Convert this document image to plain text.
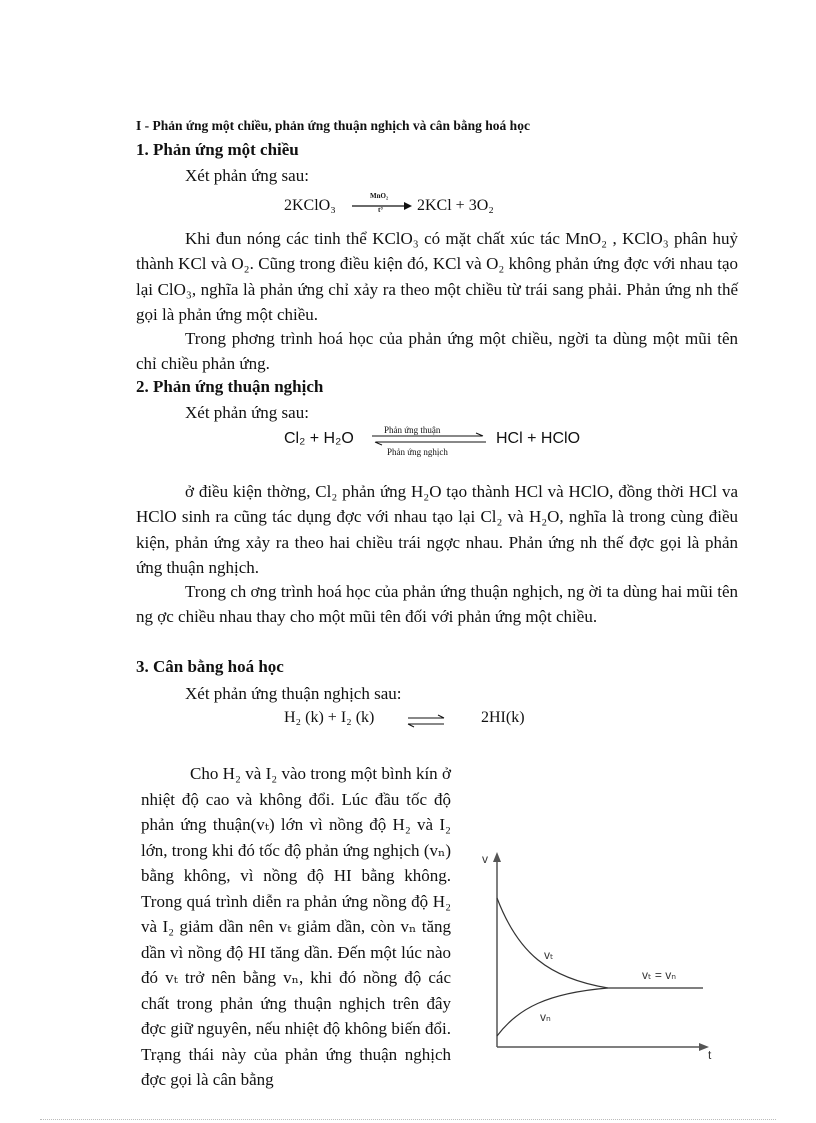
I - Phản ứng một chiều, phản ứng thuận nghịch và cân bằng hoá học
1. Phản ứng một chiều
Xét phản ứng sau:
2KClO₃
MnO₂
t° 2KCl + 3O₂
Khi đun nóng các tinh thể KClO₃ có mặt chất xúc tác MnO₂ , KClO₃ phân huỷ thành KCl và O₂. Cũng trong điều kiện đó, KCl và O₂ không phản ứng đợc với nhau tạo lại ClO₃, nghĩa là phản ứng chỉ xảy ra theo một chiều từ trái sang phải. Phản ứng nh thế gọi là phản ứng một chiều.
Trong phơng trình hoá học của phản ứng một chiều, ngời ta dùng một mũi tên chỉ chiều phản ứng.
2. Phản ứng thuận nghịch
Xét phản ứng sau:
Cl₂ + H₂O	Phản ứng thuận
Phản ứng nghịch
HCl + HClO
ở điều kiện thờng, Cl₂ phản ứng H₂O tạo thành HCl và HClO, đồng thời HCl va HClO sinh ra cũng tác dụng đợc với nhau tạo lại Cl₂ và H₂O, nghĩa là trong cùng điều kiện, phản ứng xảy ra theo hai chiều trái ngợc nhau. Phản ứng nh thế đợc gọi là phản ứng thuận nghịch.
Trong ch ơng trình hoá học của phản ứng thuận nghịch, ng ời ta dùng hai mũi tên ng ợc chiều nhau thay cho một mũi tên đối với phản ứng một chiều.
3. Cân bằng hoá học
Xét phản ứng thuận nghịch sau:
H₂ (k) + I₂ (k)	2HI(k)
Cho H₂ và I₂ vào trong một bình kín ở nhiệt độ cao và không đổi. Lúc đầu tốc độ phản ứng thuận(vₜ) lớn vì nồng độ H₂ và I₂ lớn, trong khi đó tốc độ phản ứng nghịch (vₙ) bằng không, vì nồng độ HI bằng không. Trong quá trình diễn ra phản ứng nồng độ H₂ và I₂ giảm dần nên vₜ giảm dần, còn vₙ tăng dần vì nồng độ HI tăng dần. Đến một lúc nào đó vₜ trở nên bằng vₙ, khi đó nồng độ các chất trong phản ứng thuận nghịch trên đây đợc giữ nguyên, nếu nhiệt độ không biến đổi. Trạng thái này của phản ứng thuận nghịch đợc gọi là cân bằng
v
t
vₜ
vₙ
vₜ = vₙ
